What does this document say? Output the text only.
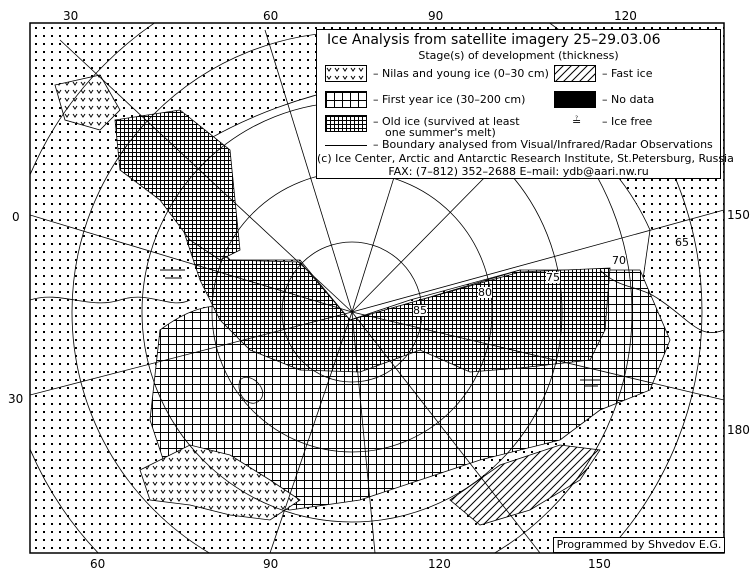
30	60	90	120
60	90	120	150
0
30
150
180
85
80
75
70
65
Ice Analysis from satellite imagery 25–29.03.06
Stage(s) of development (thickness)
– Nilas and young ice (0–30 cm)	– Fast ice
– First year ice (30–200 cm)	– No data
– Old ice (survived at least
one summer's melt)
≟ – Ice free
– Boundary analysed from Visual/Infrared/Radar Observations
(c) Ice Center, Arctic and Antarctic Research Institute, St.Petersburg, Russia
FAX: (7–812) 352–2688 E–mail: ydb@aari.nw.ru
Programmed by Shvedov E.G.
